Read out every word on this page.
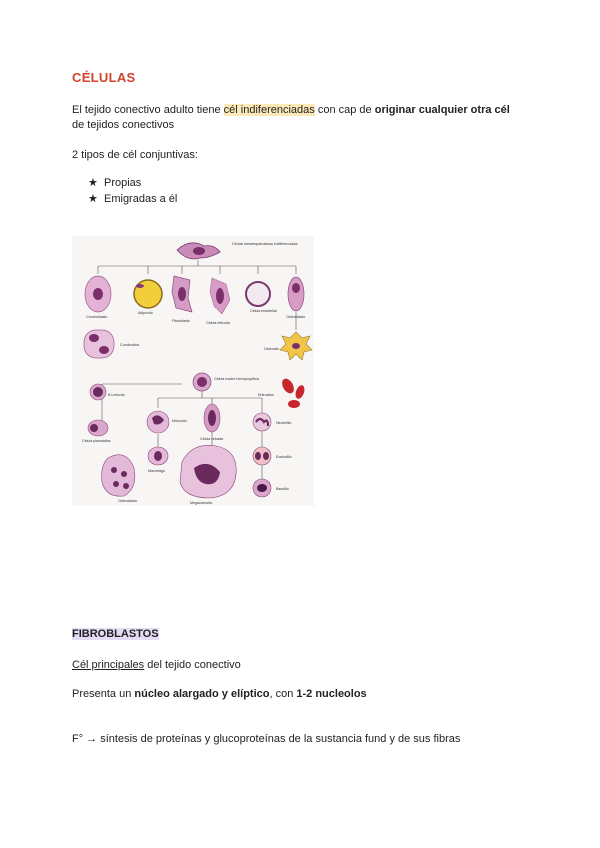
CÉLULAS
El tejido conectivo adulto tiene cél indiferenciadas con cap de originar cualquier otra cél
de tejidos conectivos
2 tipos de cél conjuntivas:
★ Propias
★ Emigradas a él
Célula mesenquimatosa indiferenciada
Condroblasto
Adipocito
Fibroblasto	Célula reticular
Célula endotelial
Osteoblasto
Condrocitos
Osteocito
Célula madre hemopoyética
Eritrocitos
B Linfocito
Célula plasmática
Monocito
Célula cebada
Neutrófilo
Macrófago
Eosinófilo
Osteoclasto	Megacariocito
Basófilo
FIBROBLASTOS
Cél principales del tejido conectivo
Presenta un núcleo alargado y elíptico, con 1-2 nucleolos
F° → síntesis de proteínas y glucoproteínas de la sustancia fund y de sus fibras
